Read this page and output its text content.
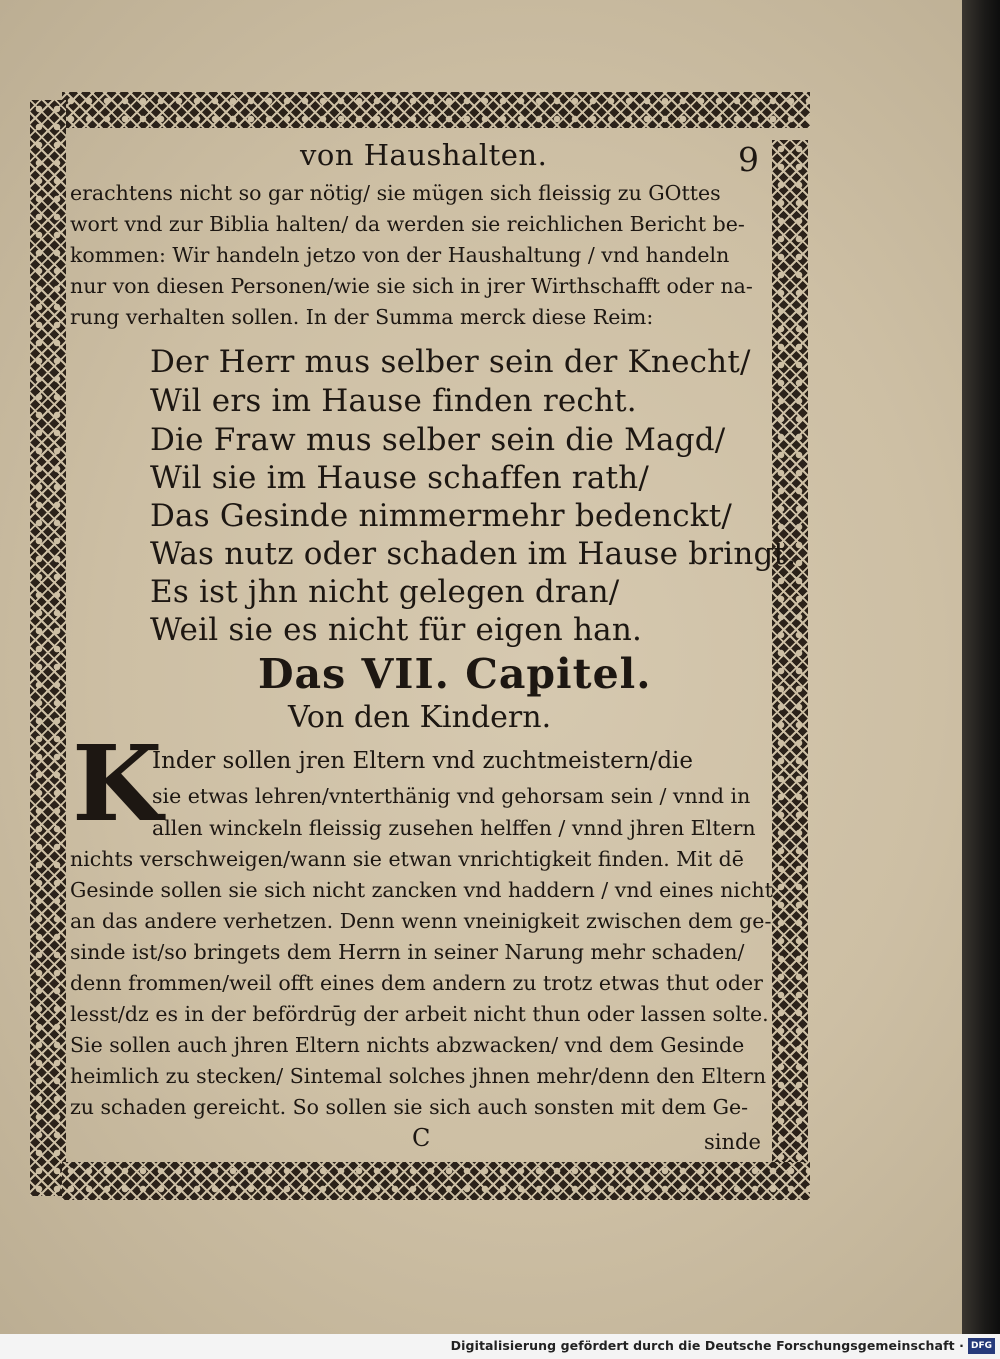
von Haushalten.	9
erachtens nicht so gar nötig/ sie mügen sich fleissig zu GOttes
wort vnd zur Biblia halten/ da werden sie reichlichen Bericht be-
kommen: Wir handeln jetzo von der Haushaltung / vnd handeln
nur von diesen Personen/wie sie sich in jrer Wirthschafft oder na-
rung verhalten sollen. In der Summa merck diese Reim:
Der Herr mus selber sein der Knecht/
Wil ers im Hause finden recht.
Die Fraw mus selber sein die Magd/
Wil sie im Hause schaffen rath/
Das Gesinde nimmermehr bedenckt/
Was nutz oder schaden im Hause bringt.
Es ist jhn nicht gelegen dran/
Weil sie es nicht für eigen han.
Das VII. Capitel.
Von den Kindern.
K
Inder sollen jren Eltern vnd zuchtmeistern/die
sie etwas lehren/vnterthänig vnd gehorsam sein / vnnd in
allen winckeln fleissig zusehen helffen / vnnd jhren Eltern
nichts verschweigen/wann sie etwan vnrichtigkeit finden. Mit dē
Gesinde sollen sie sich nicht zancken vnd haddern / vnd eines nicht
an das andere verhetzen. Denn wenn vneinigkeit zwischen dem ge-
sinde ist/so bringets dem Herrn in seiner Narung mehr schaden/
denn frommen/weil offt eines dem andern zu trotz etwas thut oder
lesst/dz es in der befördrūg der arbeit nicht thun oder lassen solte.
Sie sollen auch jhren Eltern nichts abzwacken/ vnd dem Gesinde
heimlich zu stecken/ Sintemal solches jhnen mehr/denn den Eltern
zu schaden gereicht. So sollen sie sich auch sonsten mit dem Ge-
C	sinde
Digitalisierung gefördert durch die Deutsche Forschungsgemeinschaft · DFG
